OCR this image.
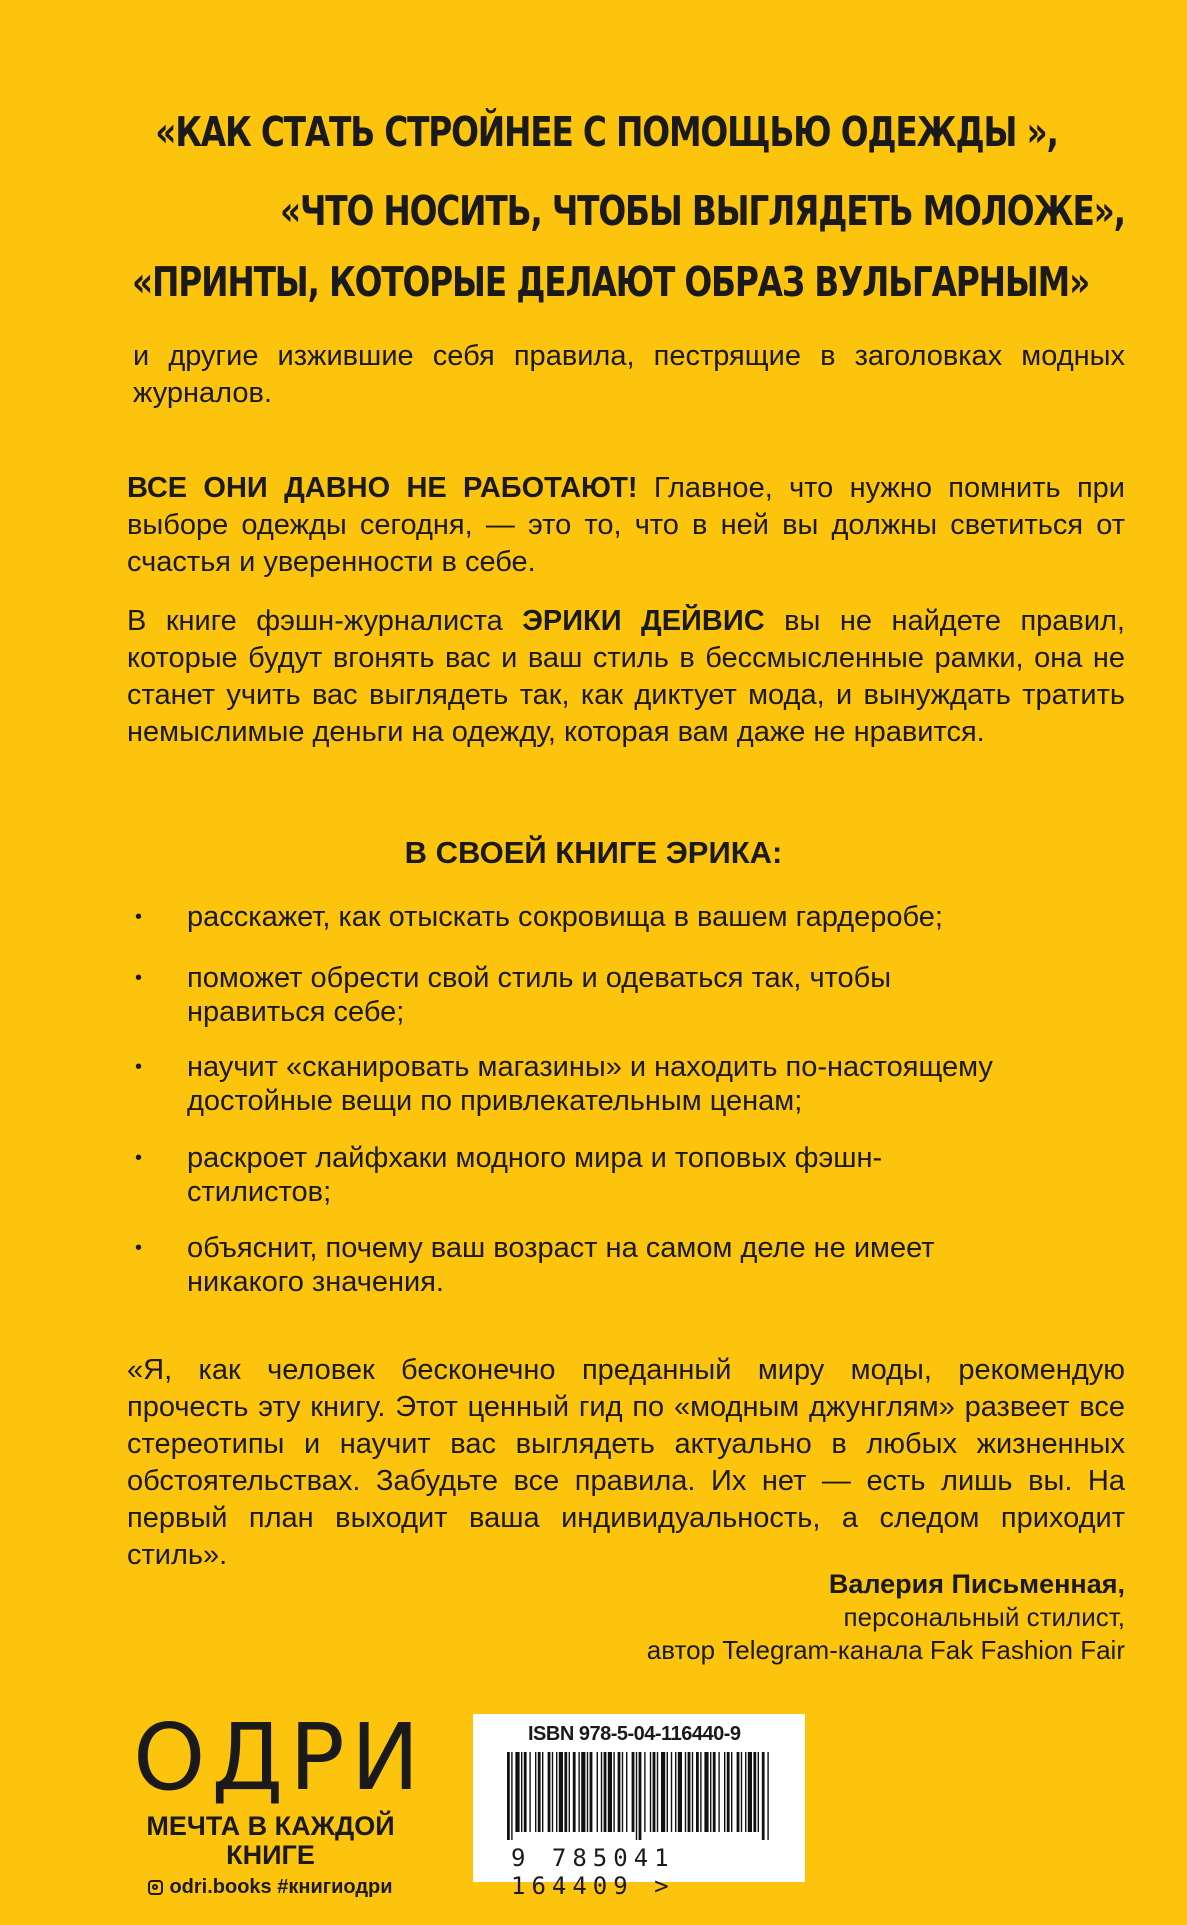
«КАК СТАТЬ СТРОЙНЕЕ С ПОМОЩЬЮ ОДЕЖДЫ »,
«ЧТО НОСИТЬ, ЧТОБЫ ВЫГЛЯДЕТЬ МОЛОЖЕ»,
«ПРИНТЫ, КОТОРЫЕ ДЕЛАЮТ ОБРАЗ ВУЛЬГАРНЫМ»
и другие изжившие себя правила, пестрящие в заголовках модных журналов.
ВСЕ ОНИ ДАВНО НЕ РАБОТАЮТ! Главное, что нужно помнить при выборе одежды сегодня, — это то, что в ней вы должны светиться от счастья и уверенности в себе.
В книге фэшн-журналиста ЭРИКИ ДЕЙВИС вы не найдете правил, которые будут вгонять вас и ваш стиль в бессмысленные рамки, она не станет учить вас выглядеть так, как диктует мода, и вынуждать тратить немыслимые деньги на одежду, которая вам даже не нравится.
В СВОЕЙ КНИГЕ ЭРИКА:
• расскажет, как отыскать сокровища в вашем гардеробе;
• поможет обрести свой стиль и одеваться так, чтобы нравиться себе;
• научит «сканировать магазины» и находить по-настоящему достойные вещи по привлекательным ценам;
• раскроет лайфхаки модного мира и топовых фэшн-стилистов;
• объяснит, почему ваш возраст на самом деле не имеет никакого значения.
«Я, как человек бесконечно преданный миру моды, рекомендую прочесть эту книгу. Этот ценный гид по «модным джунглям» развеет все стереотипы и научит вас выглядеть актуально в любых жизненных обстоятельствах. Забудьте все правила. Их нет — есть лишь вы. На первый план выходит ваша индивидуальность, а следом приходит стиль».
Валерия Письменная,
персональный стилист,
автор Telegram-канала Fak Fashion Fair
ОДРИ
МЕЧТА В КАЖДОЙ
КНИГЕ
odri.books #книгиодри
ISBN 978-5-04-116440-9
9 785041 164409 >
